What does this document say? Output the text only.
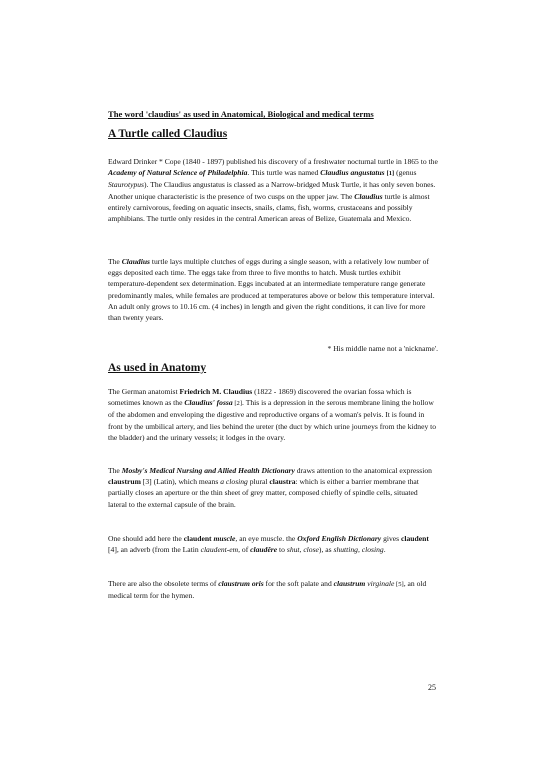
The word 'claudius' as used in Anatomical, Biological and medical terms
A Turtle called Claudius

Edward Drinker * Cope (1840 - 1897) published his discovery of a freshwater nocturnal turtle in 1865 to the Academy of Natural Science of Philadelphia. This turtle was named Claudius angustatus [1] (genus Staurotypus). The Claudius angustatus is classed as a Narrow-bridged Musk Turtle, it has only seven bones. Another unique characteristic is the presence of two cusps on the upper jaw. The Claudius turtle is almost entirely carnivorous, feeding on aquatic insects, snails, clams, fish, worms, crustaceans and possibly amphibians. The turtle only resides in the central American areas of Belize, Guatemala and Mexico.

The Claudius turtle lays multiple clutches of eggs during a single season, with a relatively low number of eggs deposited each time. The eggs take from three to five months to hatch. Musk turtles exhibit temperature-dependent sex determination. Eggs incubated at an intermediate temperature range generate predominantly males, while females are produced at temperatures above or below this temperature interval. An adult only grows to 10.16 cm. (4 inches) in length and given the right conditions, it can live for more than twenty years.

* His middle name not a 'nickname'.

As used in Anatomy

The German anatomist Friedrich M. Claudius (1822 - 1869) discovered the ovarian fossa which is sometimes known as the Claudius' fossa [2]. This is a depression in the serous membrane lining the hollow of the abdomen and enveloping the digestive and reproductive organs of a woman's pelvis. It is found in front by the umbilical artery, and lies behind the ureter (the duct by which urine journeys from the kidney to the bladder) and the urinary vessels; it lodges in the ovary.

The Mosby's Medical Nursing and Allied Health Dictionary draws attention to the anatomical expression claustrum [3] (Latin), which means a closing plural claustra: which is either a barrier membrane that partially closes an aperture or the thin sheet of grey matter, composed chiefly of spindle cells, situated lateral to the external capsule of the brain.

One should add here the claudent muscle, an eye muscle. the Oxford English Dictionary gives claudent [4], an adverb (from the Latin claudent-em, of claudĕre to shut, close), as shutting, closing.

There are also the obsolete terms of claustrum oris for the soft palate and claustrum virginale [5], an old medical term for the hymen.

25
